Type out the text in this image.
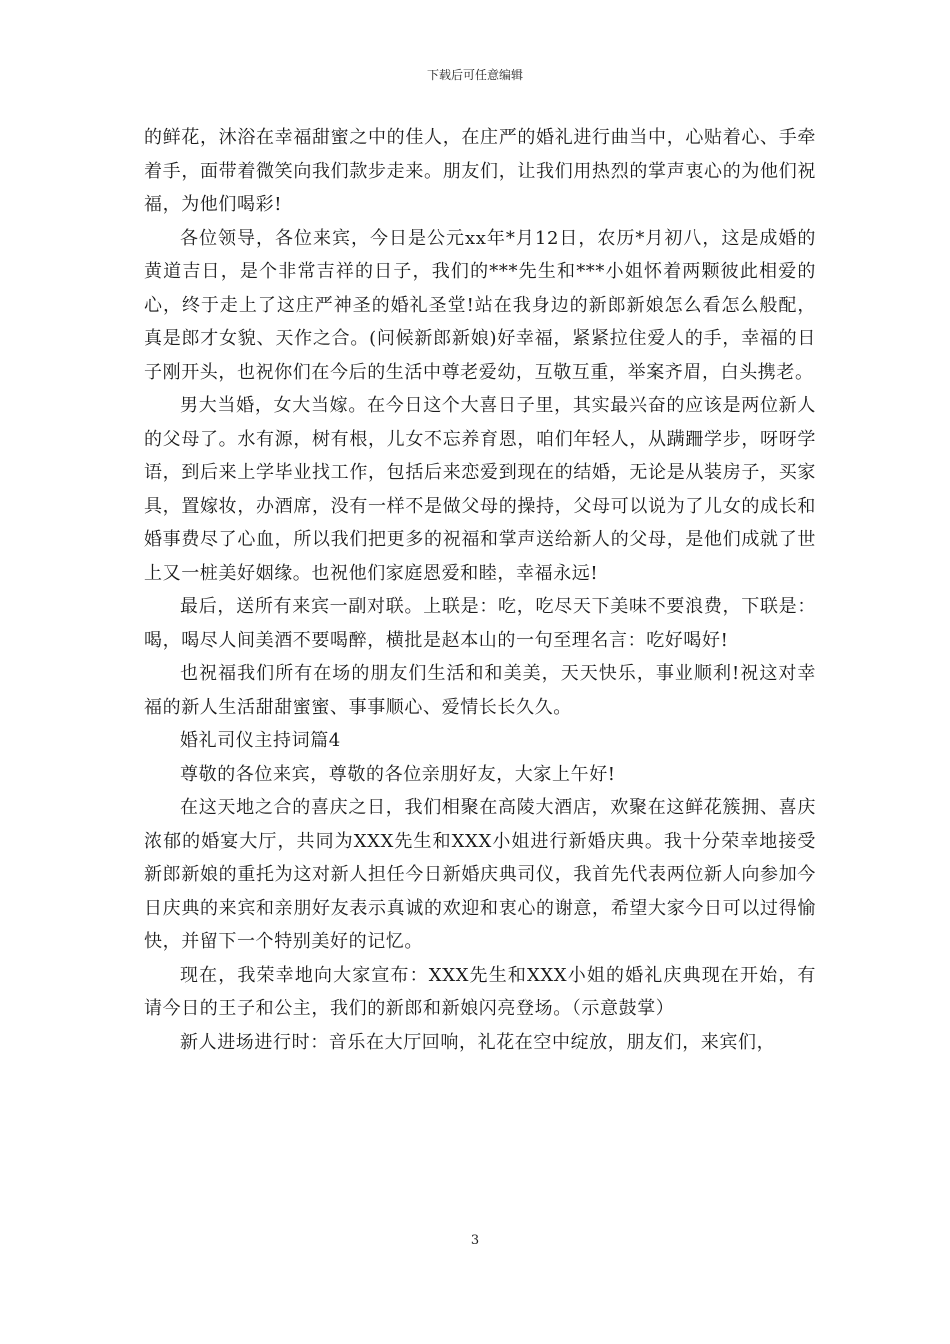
下载后可任意编辑

的鲜花，沐浴在幸福甜蜜之中的佳人，在庄严的婚礼进行曲当中，心贴着心、手牵着手，面带着微笑向我们款步走来。朋友们，让我们用热烈的掌声衷心的为他们祝福，为他们喝彩!

各位领导，各位来宾，今日是公元xx年*月12日，农历*月初八，这是成婚的黄道吉日，是个非常吉祥的日子，我们的***先生和***小姐怀着两颗彼此相爱的心，终于走上了这庄严神圣的婚礼圣堂!站在我身边的新郎新娘怎么看怎么般配，真是郎才女貌、天作之合。(问候新郎新娘)好幸福，紧紧拉住爱人的手，幸福的日子刚开头，也祝你们在今后的生活中尊老爱幼，互敬互重，举案齐眉，白头携老。

男大当婚，女大当嫁。在今日这个大喜日子里，其实最兴奋的应该是两位新人的父母了。水有源，树有根，儿女不忘养育恩，咱们年轻人，从蹒跚学步，呀呀学语，到后来上学毕业找工作，包括后来恋爱到现在的结婚，无论是从装房子，买家具，置嫁妆，办酒席，没有一样不是做父母的操持，父母可以说为了儿女的成长和婚事费尽了心血，所以我们把更多的祝福和掌声送给新人的父母，是他们成就了世上又一桩美好姻缘。也祝他们家庭恩爱和睦，幸福永远!

最后，送所有来宾一副对联。上联是：吃，吃尽天下美味不要浪费，下联是：喝，喝尽人间美酒不要喝醉，横批是赵本山的一句至理名言：吃好喝好!

也祝福我们所有在场的朋友们生活和和美美，天天快乐，事业顺利!祝这对幸福的新人生活甜甜蜜蜜、事事顺心、爱情长长久久。

婚礼司仪主持词篇4

尊敬的各位来宾，尊敬的各位亲朋好友，大家上午好!

在这天地之合的喜庆之日，我们相聚在高陵大酒店，欢聚在这鲜花簇拥、喜庆浓郁的婚宴大厅，共同为XXX先生和XXX小姐进行新婚庆典。我十分荣幸地接受新郎新娘的重托为这对新人担任今日新婚庆典司仪，我首先代表两位新人向参加今日庆典的来宾和亲朋好友表示真诚的欢迎和衷心的谢意，希望大家今日可以过得愉快，并留下一个特别美好的记忆。

现在，我荣幸地向大家宣布：XXX先生和XXX小姐的婚礼庆典现在开始，有请今日的王子和公主，我们的新郎和新娘闪亮登场。（示意鼓掌）

新人进场进行时：音乐在大厅回响，礼花在空中绽放，朋友们，来宾们，

3
